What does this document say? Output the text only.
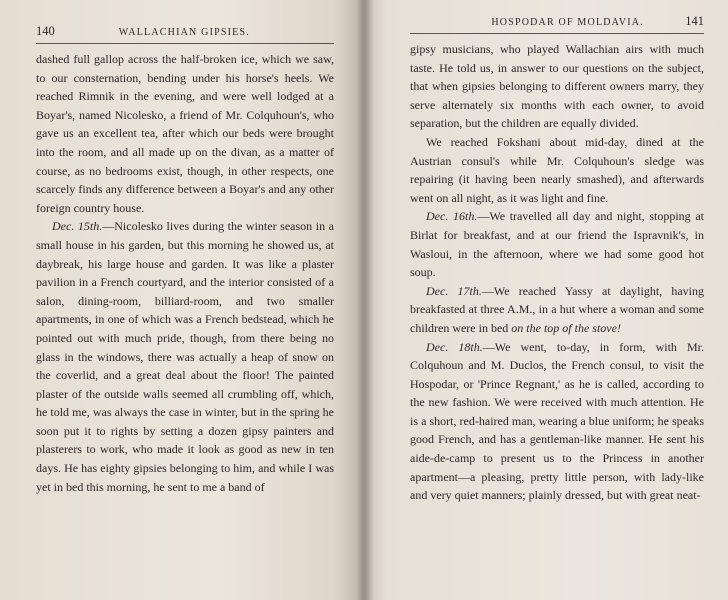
140	WALLACHIAN GIPSIES.

dashed full gallop across the half-broken ice, which we saw, to our consternation, bending under his horse's heels. We reached Rimnik in the evening, and were well lodged at a Boyar's, named Nicolesko, a friend of Mr. Colquhoun's, who gave us an excellent tea, after which our beds were brought into the room, and all made up on the divan, as a matter of course, as no bedrooms exist, though, in other respects, one scarcely finds any difference between a Boyar's and any other foreign country house.

Dec. 15th.—Nicolesko lives during the winter season in a small house in his garden, but this morning he showed us, at daybreak, his large house and garden. It was like a plaster pavilion in a French courtyard, and the interior consisted of a salon, dining-room, billiard-room, and two smaller apartments, in one of which was a French bedstead, which he pointed out with much pride, though, from there being no glass in the windows, there was actually a heap of snow on the coverlid, and a great deal about the floor! The painted plaster of the outside walls seemed all crumbling off, which, he told me, was always the case in winter, but in the spring he soon put it to rights by setting a dozen gipsy painters and plasterers to work, who made it look as good as new in ten days. He has eighty gipsies belonging to him, and while I was yet in bed this morning, he sent to me a band of

HOSPODAR OF MOLDAVIA.	141

gipsy musicians, who played Wallachian airs with much taste. He told us, in answer to our questions on the subject, that when gipsies belonging to different owners marry, they serve alternately six months with each owner, to avoid separation, but the children are equally divided.

We reached Fokshani about mid-day, dined at the Austrian consul's while Mr. Colquhoun's sledge was repairing (it having been nearly smashed), and afterwards went on all night, as it was light and fine.

Dec. 16th.—We travelled all day and night, stopping at Birlat for breakfast, and at our friend the Ispravnik's, in Wasloui, in the afternoon, where we had some good hot soup.

Dec. 17th.—We reached Yassy at daylight, having breakfasted at three A.M., in a hut where a woman and some children were in bed on the top of the stove!

Dec. 18th.—We went, to-day, in form, with Mr. Colquhoun and M. Duclos, the French consul, to visit the Hospodar, or 'Prince Regnant,' as he is called, according to the new fashion. We were received with much attention. He is a short, red-haired man, wearing a blue uniform; he speaks good French, and has a gentleman-like manner. He sent his aide-de-camp to present us to the Princess in another apartment—a pleasing, pretty little person, with lady-like and very quiet manners; plainly dressed, but with great neat-
